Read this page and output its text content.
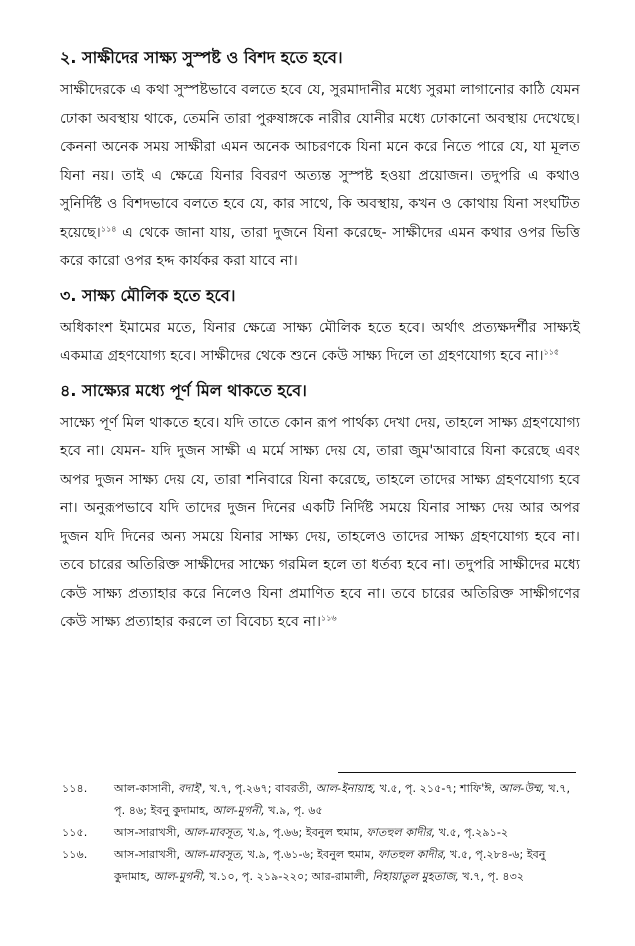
২. সাক্ষীদের সাক্ষ্য সুস্পষ্ট ও বিশদ হতে হবে।

সাক্ষীদেরকে এ কথা সুস্পষ্টভাবে বলতে হবে যে, সুরমাদানীর মধ্যে সুরমা লাগানোর কাঠি যেমন ঢোকা অবস্থায় থাকে, তেমনি তারা পুরুষাঙ্গকে নারীর যোনীর মধ্যে ঢোকানো অবস্থায় দেখেছে। কেননা অনেক সময় সাক্ষীরা এমন অনেক আচরণকে যিনা মনে করে নিতে পারে যে, যা মূলত যিনা নয়। তাই এ ক্ষেত্রে যিনার বিবরণ অত্যন্ত সুস্পষ্ট হওয়া প্রয়োজন। তদুপরি এ কথাও সুনির্দিষ্ট ও বিশদভাবে বলতে হবে যে, কার সাথে, কি অবস্থায়, কখন ও কোথায় যিনা সংঘটিত হয়েছে।$^{১১৪}$ এ থেকে জানা যায়, তারা দুজনে যিনা করেছে- সাক্ষীদের এমন কথার ওপর ভিত্তি করে কারো ওপর হদ্দ কার্যকর করা যাবে না।

৩. সাক্ষ্য মৌলিক হতে হবে।

অধিকাংশ ইমামের মতে, যিনার ক্ষেত্রে সাক্ষ্য মৌলিক হতে হবে। অর্থাৎ প্রত্যক্ষদর্শীর সাক্ষ্যই একমাত্র গ্রহণযোগ্য হবে। সাক্ষীদের থেকে শুনে কেউ সাক্ষ্য দিলে তা গ্রহণযোগ্য হবে না।$^{১১৫}$

৪. সাক্ষ্যের মধ্যে পূর্ণ মিল থাকতে হবে।

সাক্ষ্যে পূর্ণ মিল থাকতে হবে। যদি তাতে কোন রূপ পার্থক্য দেখা দেয়, তাহলে সাক্ষ্য গ্রহণযোগ্য হবে না। যেমন- যদি দুজন সাক্ষী এ মর্মে সাক্ষ্য দেয় যে, তারা জুম'আবারে যিনা করেছে এবং অপর দুজন সাক্ষ্য দেয় যে, তারা শনিবারে যিনা করেছে, তাহলে তাদের সাক্ষ্য গ্রহণযোগ্য হবে না। অনুরূপভাবে যদি তাদের দুজন দিনের একটি নির্দিষ্ট সময়ে যিনার সাক্ষ্য দেয় আর অপর দুজন যদি দিনের অন্য সময়ে যিনার সাক্ষ্য দেয়, তাহলেও তাদের সাক্ষ্য গ্রহণযোগ্য হবে না। তবে চারের অতিরিক্ত সাক্ষীদের সাক্ষ্যে গরমিল হলে তা ধর্তব্য হবে না। তদুপরি সাক্ষীদের মধ্যে কেউ সাক্ষ্য প্রত্যাহার করে নিলেও যিনা প্রমাণিত হবে না। তবে চারের অতিরিক্ত সাক্ষীগণের কেউ সাক্ষ্য প্রত্যাহার করলে তা বিবেচ্য হবে না।$^{১১৬}$

১১৪.	আল-কাসানী, বদাই', খ.৭, পৃ.২৬৭; বাবরতী, আল-ইনায়াহ, খ.৫, পৃ. ২১৫-৭; শাফি'ঈ, আল-উম্ম, খ.৭, পৃ. ৪৬; ইবনু কুদামাহ, আল-মুগনী, খ.৯, পৃ. ৬৫
১১৫.	আস-সারাখসী, আল-মাবসূত, খ.৯, পৃ.৬৬; ইবনুল হুমাম, ফাতহুল কাদীর, খ.৫, পৃ.২৯১-২
১১৬.	আস-সারাখসী, আল-মাবসূত, খ.৯, পৃ.৬১-৬; ইবনুল হুমাম, ফাতহুল কাদীর, খ.৫, পৃ.২৮৪-৬; ইবনু কুদামাহ, আল-মুগনী, খ.১০, পৃ. ২১৯-২২০; আর-রামালী, নিহায়াতুল মুহতাজ, খ.৭, পৃ. ৪৩২
